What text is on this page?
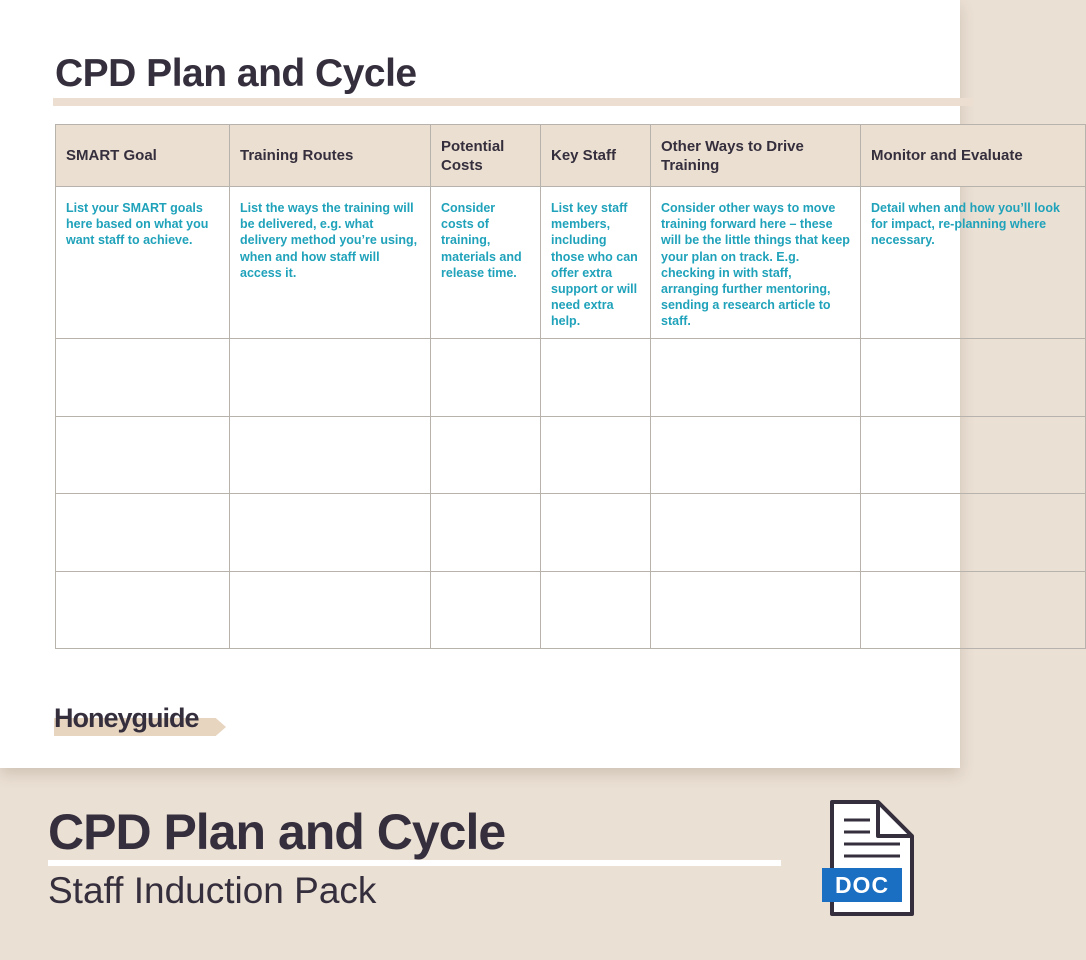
CPD Plan and Cycle
SMART Goal	Training Routes	Potential Costs	Key Staff	Other Ways to Drive Training	Monitor and Evaluate
List your SMART goals here based on what you want staff to achieve.	List the ways the training will be delivered, e.g. what delivery method you’re using, when and how staff will access it.	Consider costs of training, materials and release time.	List key staff members, including those who can offer extra support or will need extra help.	Consider other ways to move training forward here – these will be the little things that keep your plan on track. E.g. checking in with staff, arranging further mentoring, sending a research article to staff.	Detail when and how you’ll look for impact, re-planning where necessary.

Honeyguide
CPD Plan and Cycle
Staff Induction Pack	DOC
